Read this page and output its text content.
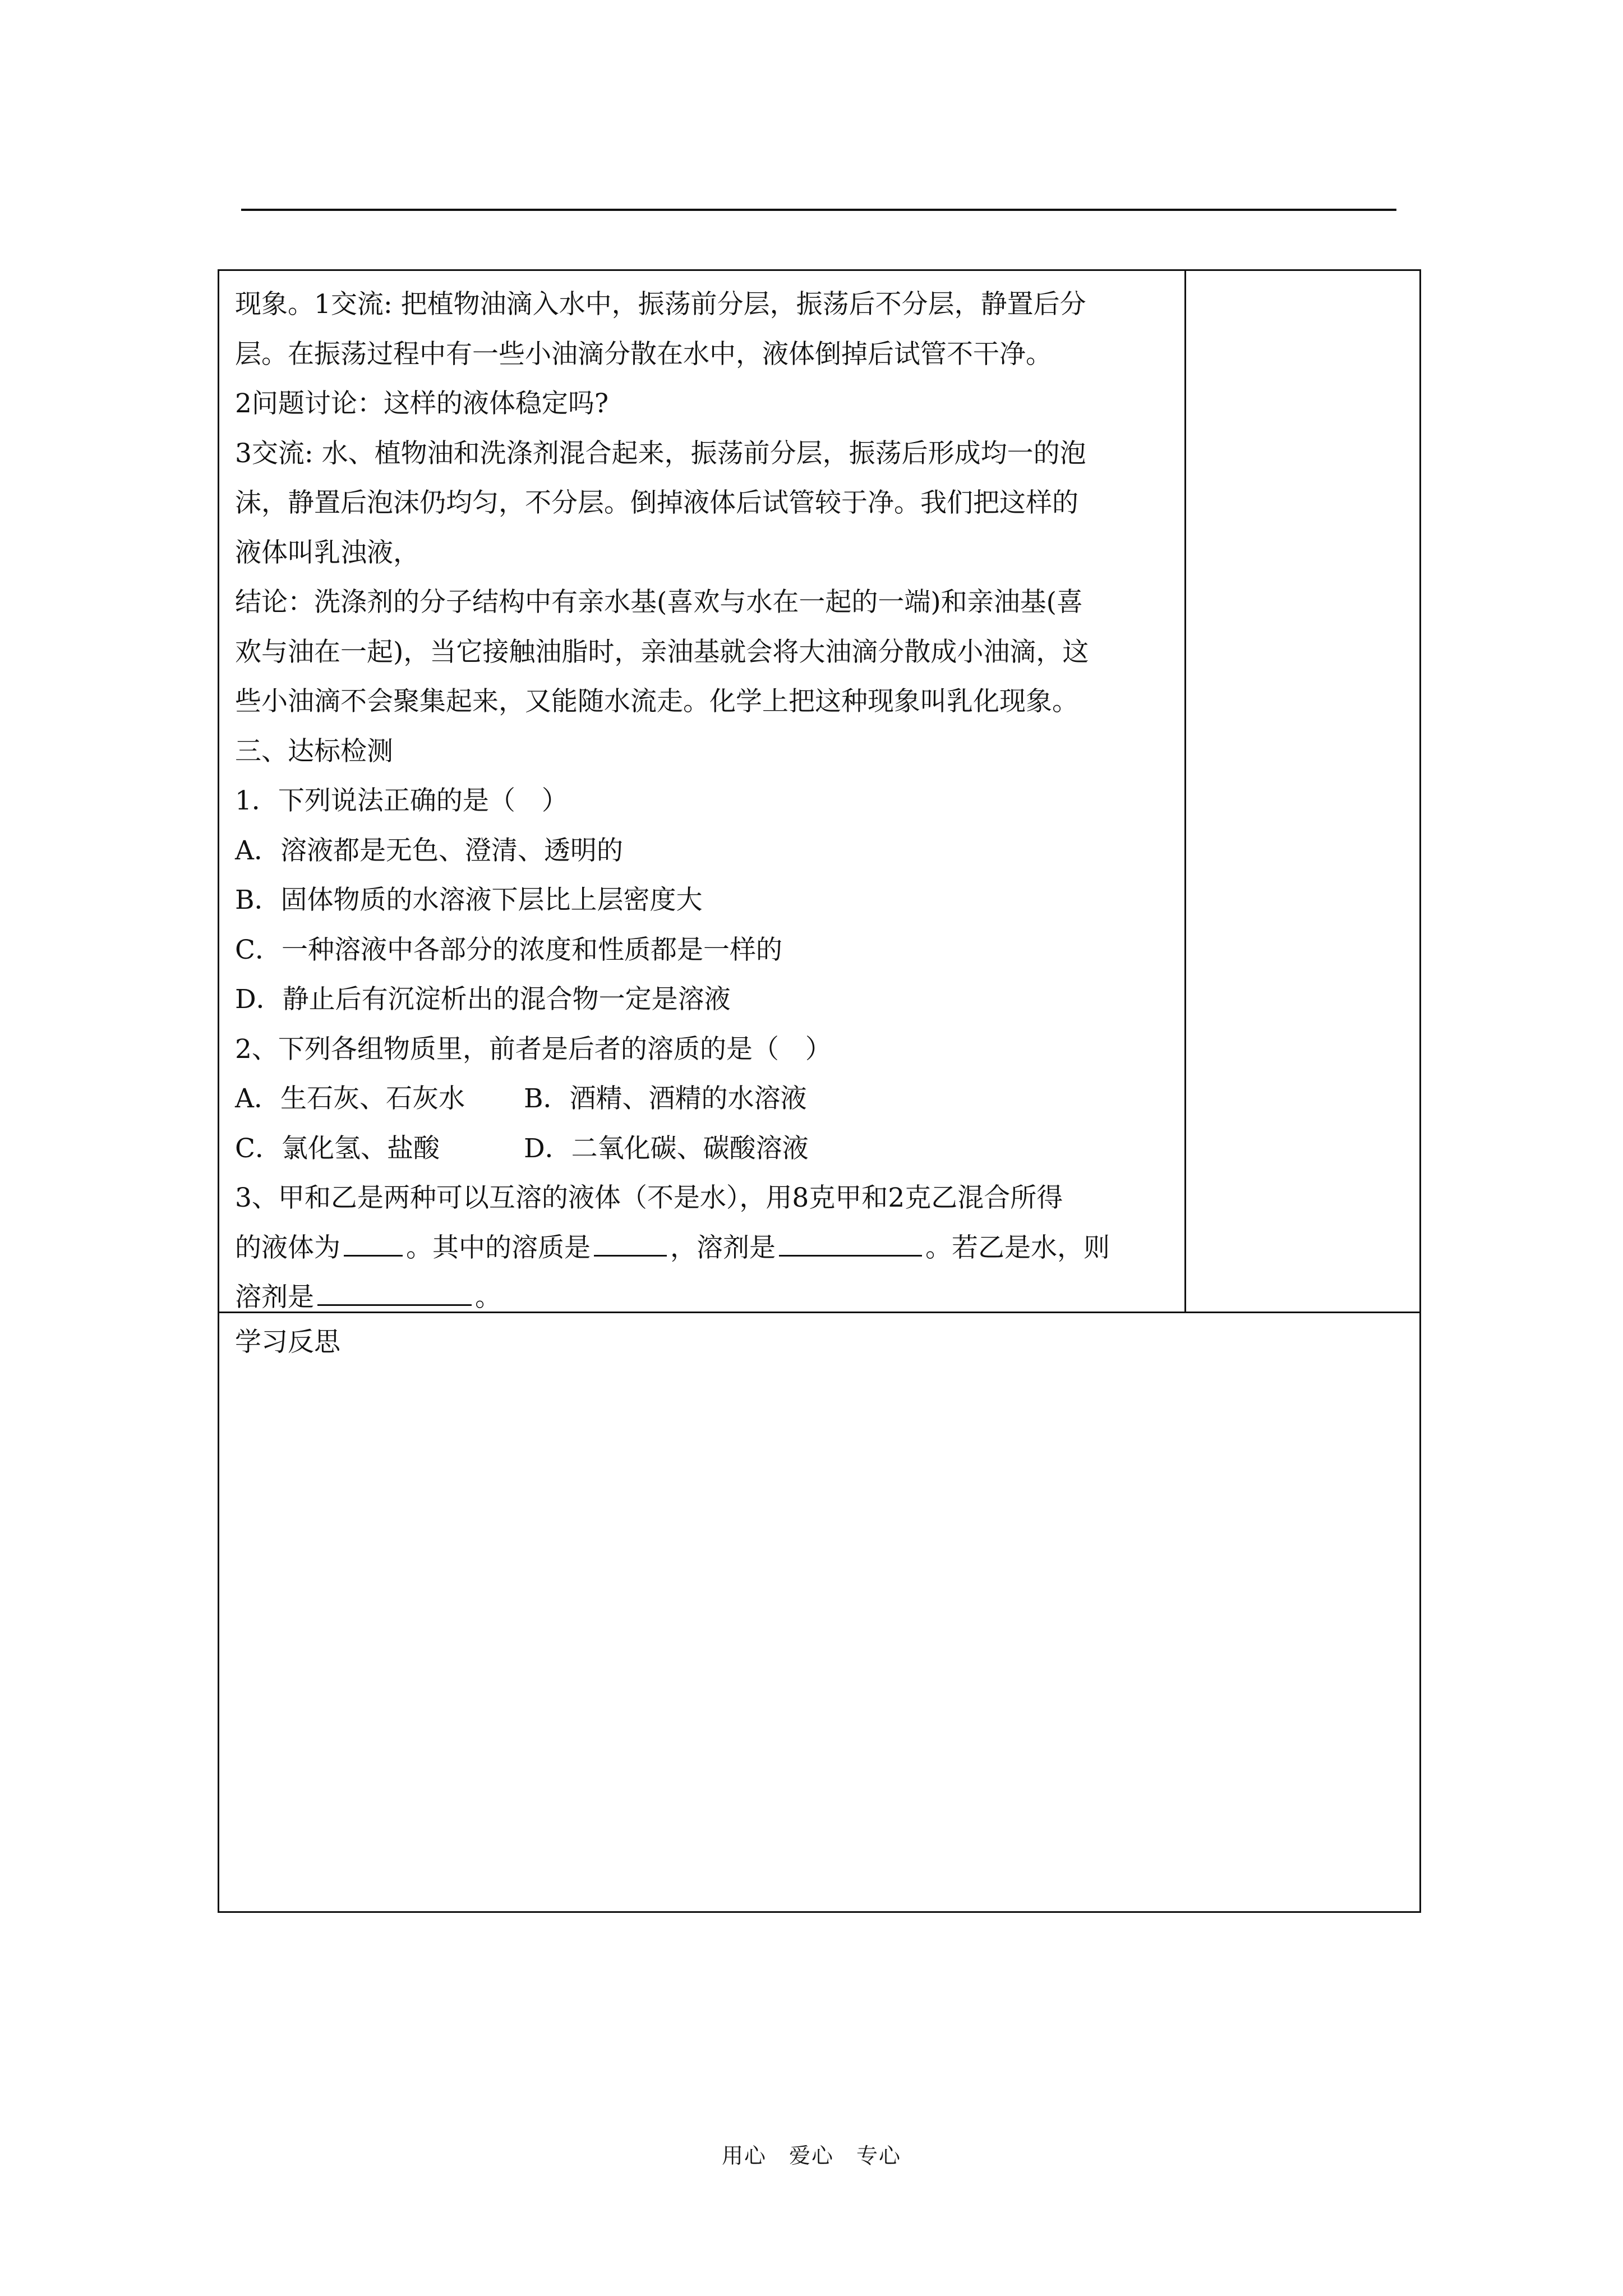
现象。1交流: 把植物油滴入水中，振荡前分层，振荡后不分层，静置后分
层。在振荡过程中有一些小油滴分散在水中，液体倒掉后试管不干净。
2问题讨论：这样的液体稳定吗?
3交流: 水、植物油和洗涤剂混合起来，振荡前分层，振荡后形成均一的泡
沫，静置后泡沫仍均匀，不分层。倒掉液体后试管较于净。我们把这样的
液体叫乳浊液，
结论：洗涤剂的分子结构中有亲水基(喜欢与水在一起的一端)和亲油基(喜
欢与油在一起)，当它接触油脂时，亲油基就会将大油滴分散成小油滴，这
些小油滴不会聚集起来，又能随水流走。化学上把这种现象叫乳化现象。
三、达标检测
1．下列说法正确的是（　）
A．溶液都是无色、澄清、透明的
B．固体物质的水溶液下层比上层密度大
C．一种溶液中各部分的浓度和性质都是一样的
D．静止后有沉淀析出的混合物一定是溶液
2、下列各组物质里，前者是后者的溶质的是（　）
A．生石灰、石灰水 B．酒精、酒精的水溶液
C．氯化氢、盐酸	D．二氧化碳、碳酸溶液
3、甲和乙是两种可以互溶的液体（不是水），用8克甲和2克乙混合所得
的液体为 。其中的溶质是	，溶剂是	。若乙是水，则
溶剂是	。
学习反思
用心　爱心　专心
